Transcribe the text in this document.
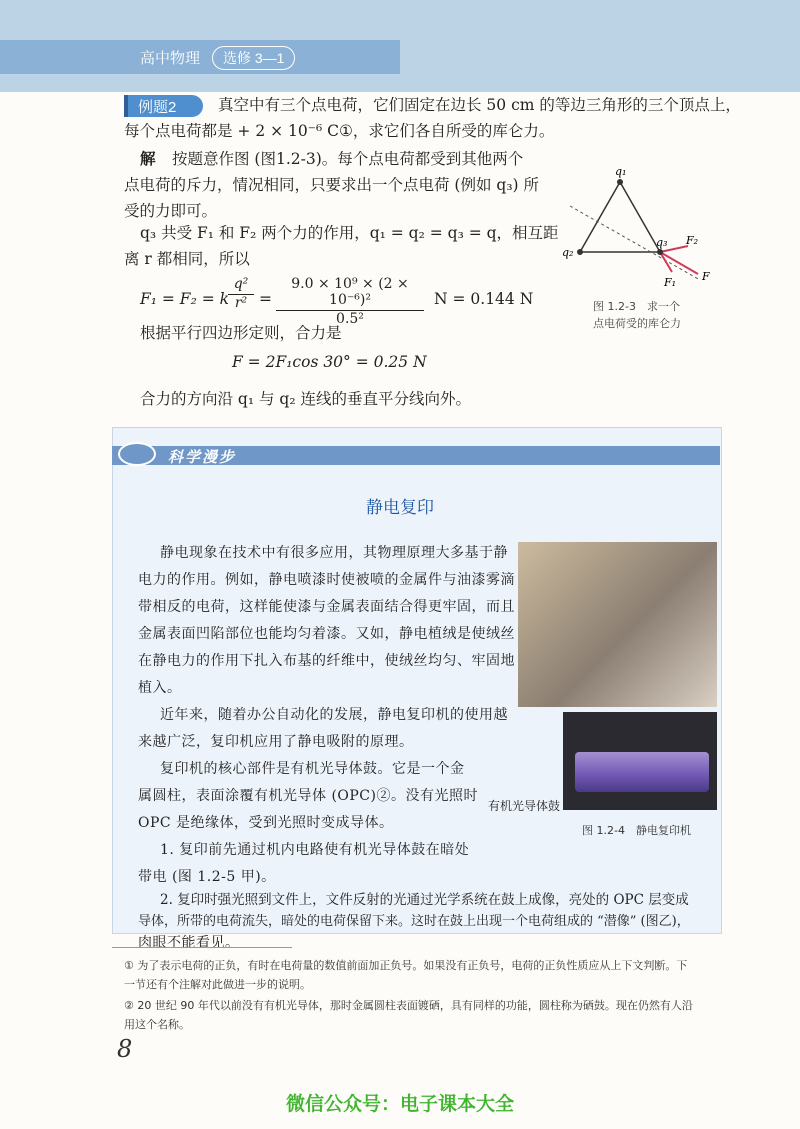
高中物理	选修 3—1
例题2	真空中有三个点电荷，它们固定在边长 50 cm 的等边三角形的三个顶点上，
每个点电荷都是 + 2 × 10⁻⁶ C①，求它们各自所受的库仑力。
解 按题意作图 (图1.2-3)。每个点电荷都受到其他两个
点电荷的斥力，情况相同，只要求出一个点电荷 (例如 q₃) 所
受的力即可。
q₃ 共受 F₁ 和 F₂ 两个力的作用，q₁ = q₂ = q₃ = q，相互距
离 r 都相同，所以
F₁ = F₂ = k
q²
r² =
9.0 × 10⁹ × (2 × 10⁻⁶)²
0.5²
N = 0.144 N
根据平行四边形定则，合力是
F = 2F₁cos 30° = 0.25 N
合力的方向沿 q₁ 与 q₂ 连线的垂直平分线向外。
q₁
q₂
q₃ F₂
F₁ F
图 1.2-3　求一个
点电荷受的库仑力
科学漫步
静电复印
静电现象在技术中有很多应用，其物理原理大多基于静
电力的作用。例如，静电喷漆时使被喷的金属件与油漆雾滴
带相反的电荷，这样能使漆与金属表面结合得更牢固，而且
金属表面凹陷部位也能均匀着漆。又如，静电植绒是使绒丝
在静电力的作用下扎入布基的纤维中，使绒丝均匀、牢固地
植入。
近年来，随着办公自动化的发展，静电复印机的使用越
来越广泛，复印机应用了静电吸附的原理。
复印机的核心部件是有机光导体鼓。它是一个金
属圆柱，表面涂覆有机光导体 (OPC)②。没有光照时
OPC 是绝缘体，受到光照时变成导体。
1. 复印前先通过机内电路使有机光导体鼓在暗处
带电 (图 1.2-5 甲)。
2. 复印时强光照到文件上，文件反射的光通过光学系统在鼓上成像，亮处的 OPC 层变成
导体，所带的电荷流失，暗处的电荷保留下来。这时在鼓上出现一个电荷组成的 “潜像” (图乙)，
肉眼不能看见。
有机光导体鼓
图 1.2-4　静电复印机
① 为了表示电荷的正负，有时在电荷量的数值前面加正负号。如果没有正负号，电荷的正负性质应从上下文判断。下
一节还有个注解对此做进一步的说明。
② 20 世纪 90 年代以前没有有机光导体，那时金属圆柱表面镀硒，具有同样的功能，圆柱称为硒鼓。现在仍然有人沿
用这个名称。
8
微信公众号：电子课本大全
